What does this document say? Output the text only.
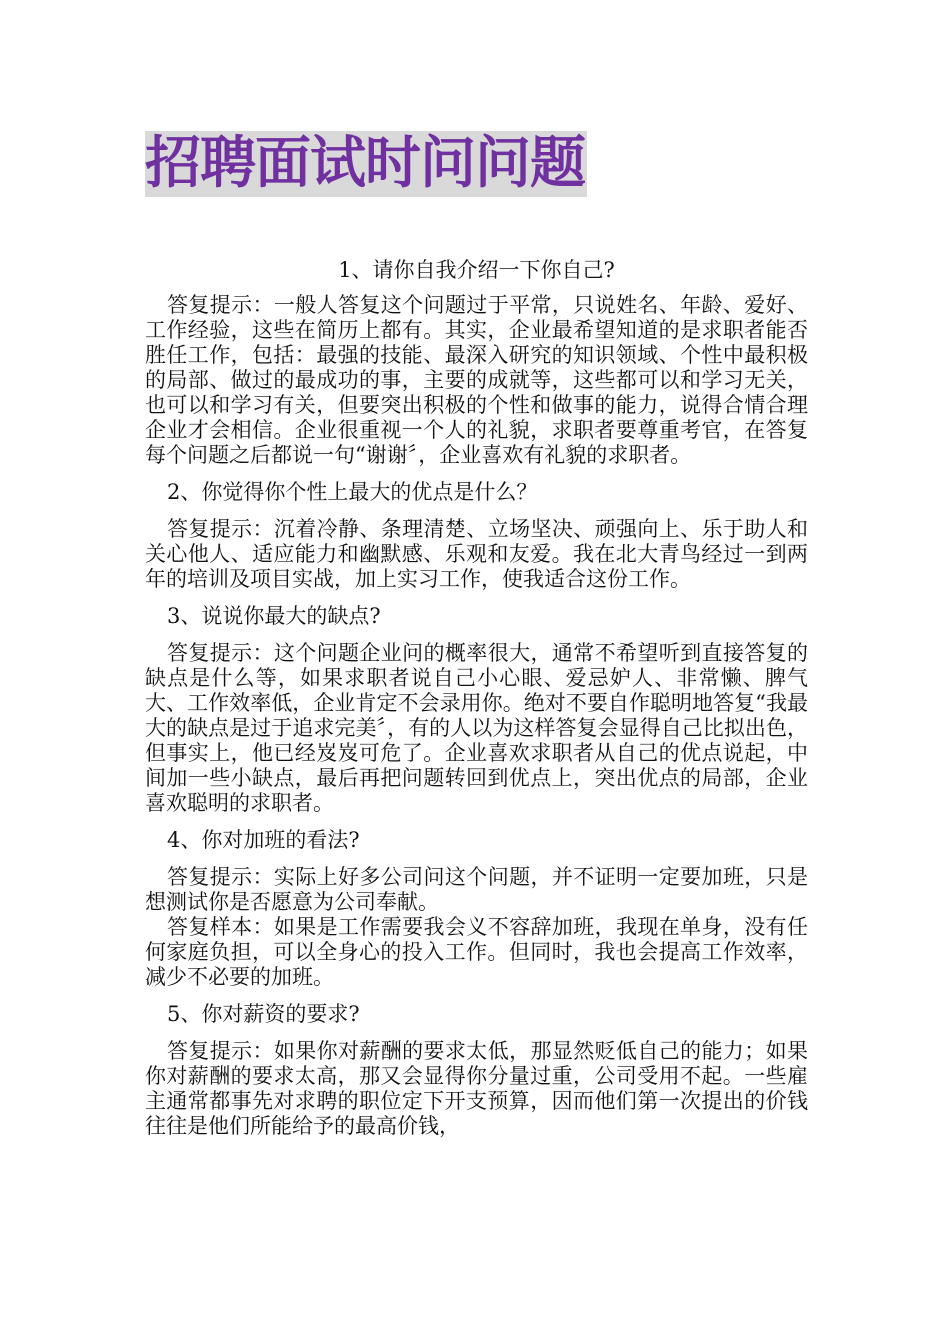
招聘面试时问问题

1、请你自我介绍一下你自己?

答复提示：一般人答复这个问题过于平常，只说姓名、年龄、爱好、工作经验，这些在简历上都有。其实，企业最希望知道的是求职者能否胜任工作，包括：最强的技能、最深入研究的知识领域、个性中最积极的局部、做过的最成功的事，主要的成就等，这些都可以和学习无关，也可以和学习有关，但要突出积极的个性和做事的能力，说得合情合理企业才会相信。企业很重视一个人的礼貌，求职者要尊重考官，在答复每个问题之后都说一句“谢谢〞，企业喜欢有礼貌的求职者。

2、你觉得你个性上最大的优点是什么？

答复提示：沉着冷静、条理清楚、立场坚决、顽强向上、乐于助人和关心他人、适应能力和幽默感、乐观和友爱。我在北大青鸟经过一到两年的培训及项目实战，加上实习工作，使我适合这份工作。

3、说说你最大的缺点?

答复提示：这个问题企业问的概率很大，通常不希望听到直接答复的缺点是什么等，如果求职者说自己小心眼、爱忌妒人、非常懒、脾气大、工作效率低，企业肯定不会录用你。绝对不要自作聪明地答复“我最大的缺点是过于追求完美〞，有的人以为这样答复会显得自己比拟出色，但事实上，他已经岌岌可危了。企业喜欢求职者从自己的优点说起，中间加一些小缺点，最后再把问题转回到优点上，突出优点的局部，企业喜欢聪明的求职者。

4、你对加班的看法?

答复提示：实际上好多公司问这个问题，并不证明一定要加班，只是想测试你是否愿意为公司奉献。

答复样本：如果是工作需要我会义不容辞加班，我现在单身，没有任何家庭负担，可以全身心的投入工作。但同时，我也会提高工作效率，减少不必要的加班。

5、你对薪资的要求?

答复提示：如果你对薪酬的要求太低，那显然贬低自己的能力；如果你对薪酬的要求太高，那又会显得你分量过重，公司受用不起。一些雇主通常都事先对求聘的职位定下开支预算，因而他们第一次提出的价钱往往是他们所能给予的最高价钱，
